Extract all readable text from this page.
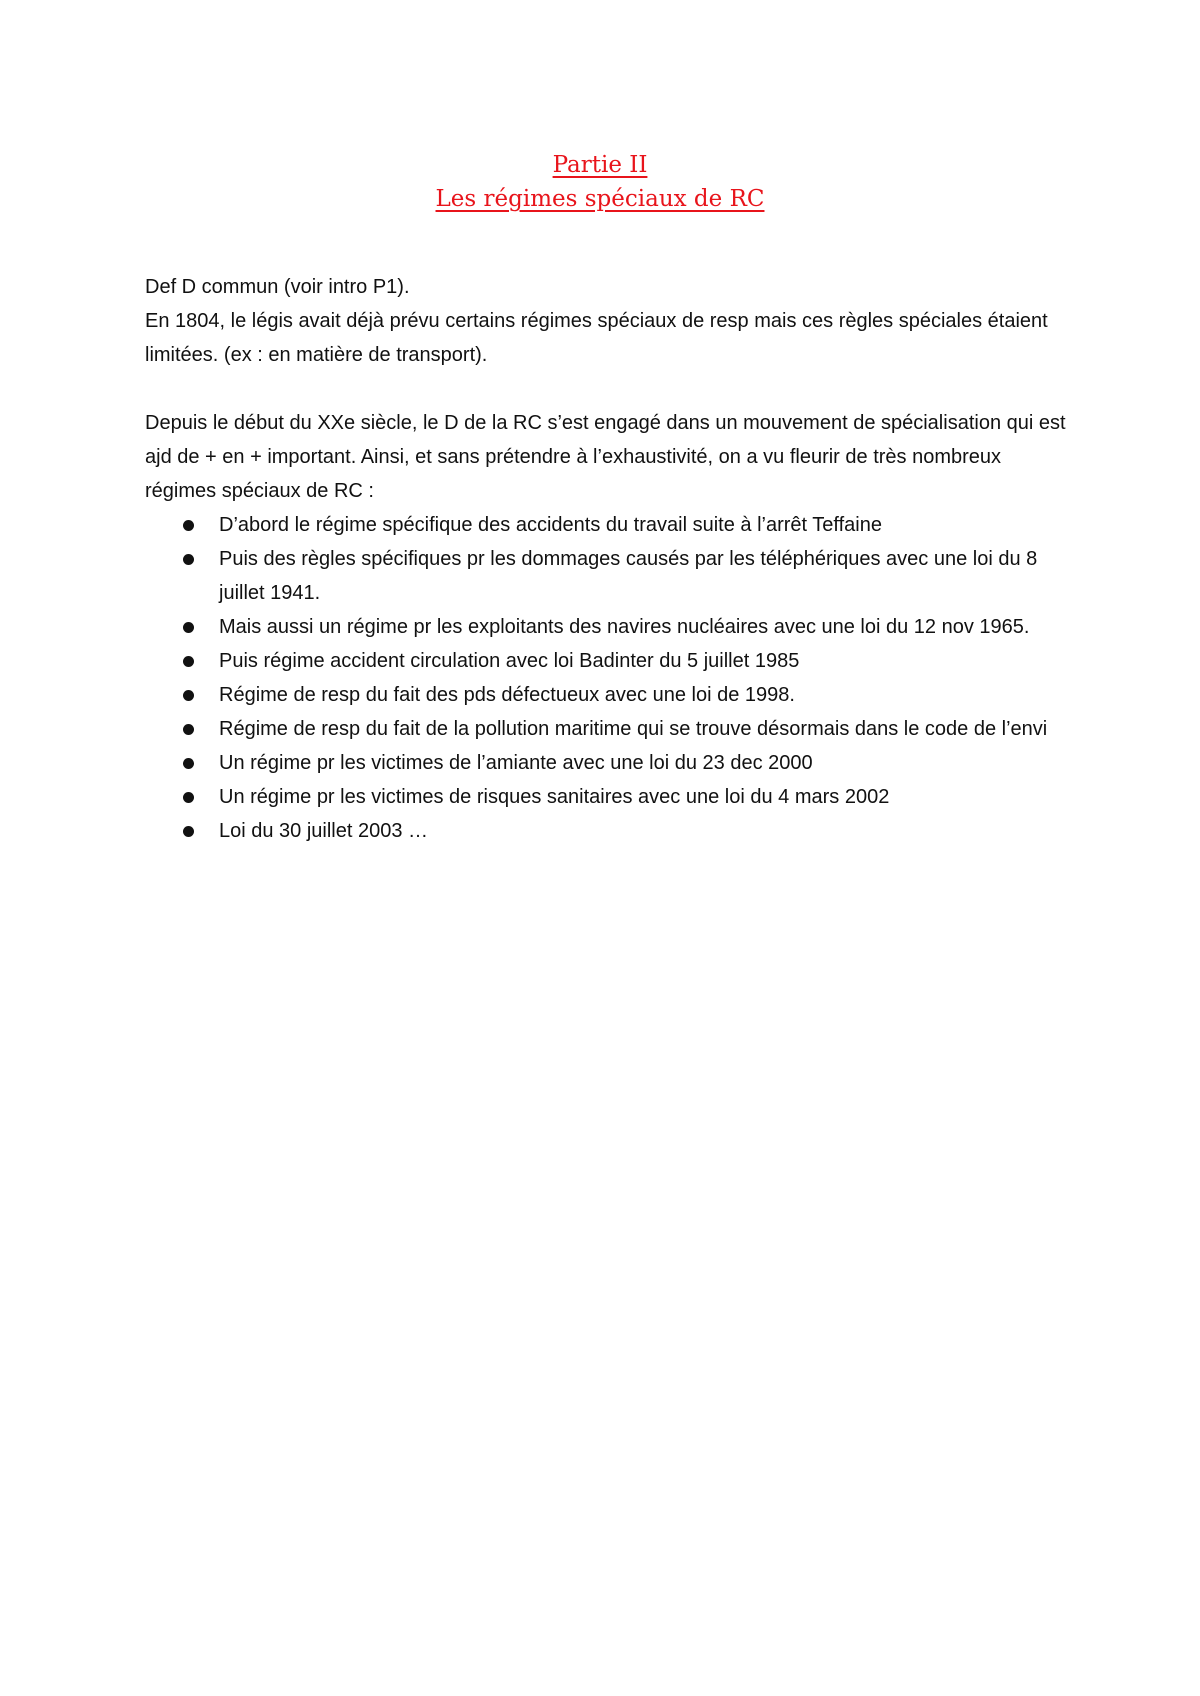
Partie II
Les régimes spéciaux de RC

Def D commun (voir intro P1).

En 1804, le légis avait déjà prévu certains régimes spéciaux de resp mais ces règles spéciales étaient limitées. (ex : en matière de transport).

Depuis le début du XXe siècle, le D de la RC s’est engagé dans un mouvement de spécialisation qui est ajd de + en + important. Ainsi, et sans prétendre à l’exhaustivité, on a vu fleurir de très nombreux régimes spéciaux de RC :

D’abord le régime spécifique des accidents du travail suite à l’arrêt Teffaine
Puis des règles spécifiques pr les dommages causés par les téléphériques avec une loi du 8 juillet 1941.
Mais aussi un régime pr les exploitants des navires nucléaires avec une loi du 12 nov 1965.
Puis régime accident circulation avec loi Badinter du 5 juillet 1985
Régime de resp du fait des pds défectueux avec une loi de 1998.
Régime de resp du fait de la pollution maritime qui se trouve désormais dans le code de l’envi
Un régime pr les victimes de l’amiante avec une loi du 23 dec 2000
Un régime pr les victimes de risques sanitaires avec une loi du 4 mars 2002
Loi du 30 juillet 2003 …
